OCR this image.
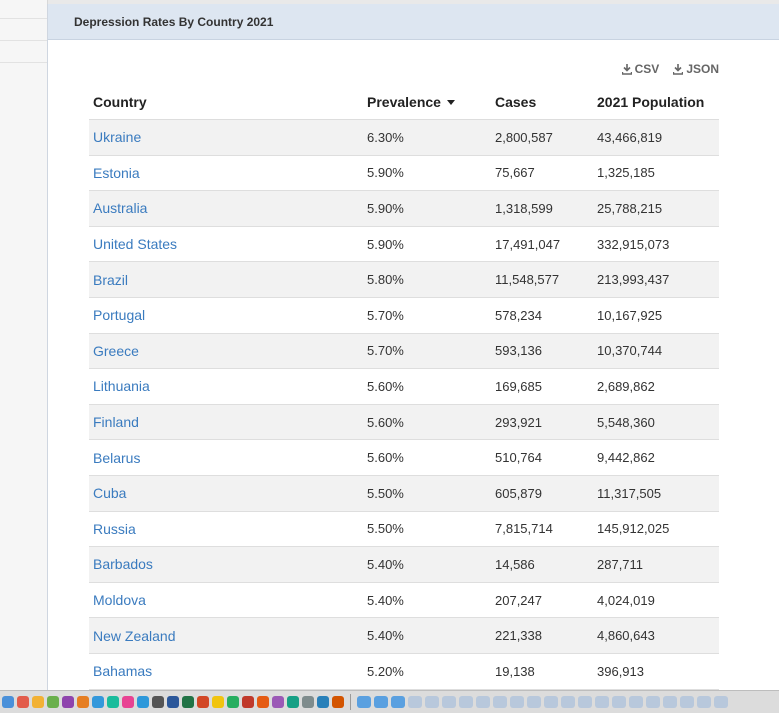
Depression Rates By Country 2021
CSV JSON
Country	Prevalence	Cases	2021 Population
Ukraine	6.30%	2,800,587	43,466,819
Estonia	5.90%	75,667	1,325,185
Australia	5.90%	1,318,599	25,788,215
United States	5.90%	17,491,047	332,915,073
Brazil	5.80%	11,548,577	213,993,437
Portugal	5.70%	578,234	10,167,925
Greece	5.70%	593,136	10,370,744
Lithuania	5.60%	169,685	2,689,862
Finland	5.60%	293,921	5,548,360
Belarus	5.60%	510,764	9,442,862
Cuba	5.50%	605,879	11,317,505
Russia	5.50%	7,815,714	145,912,025
Barbados	5.40%	14,586	287,711
Moldova	5.40%	207,247	4,024,019
New Zealand	5.40%	221,338	4,860,643
Bahamas	5.20%	19,138	396,913
